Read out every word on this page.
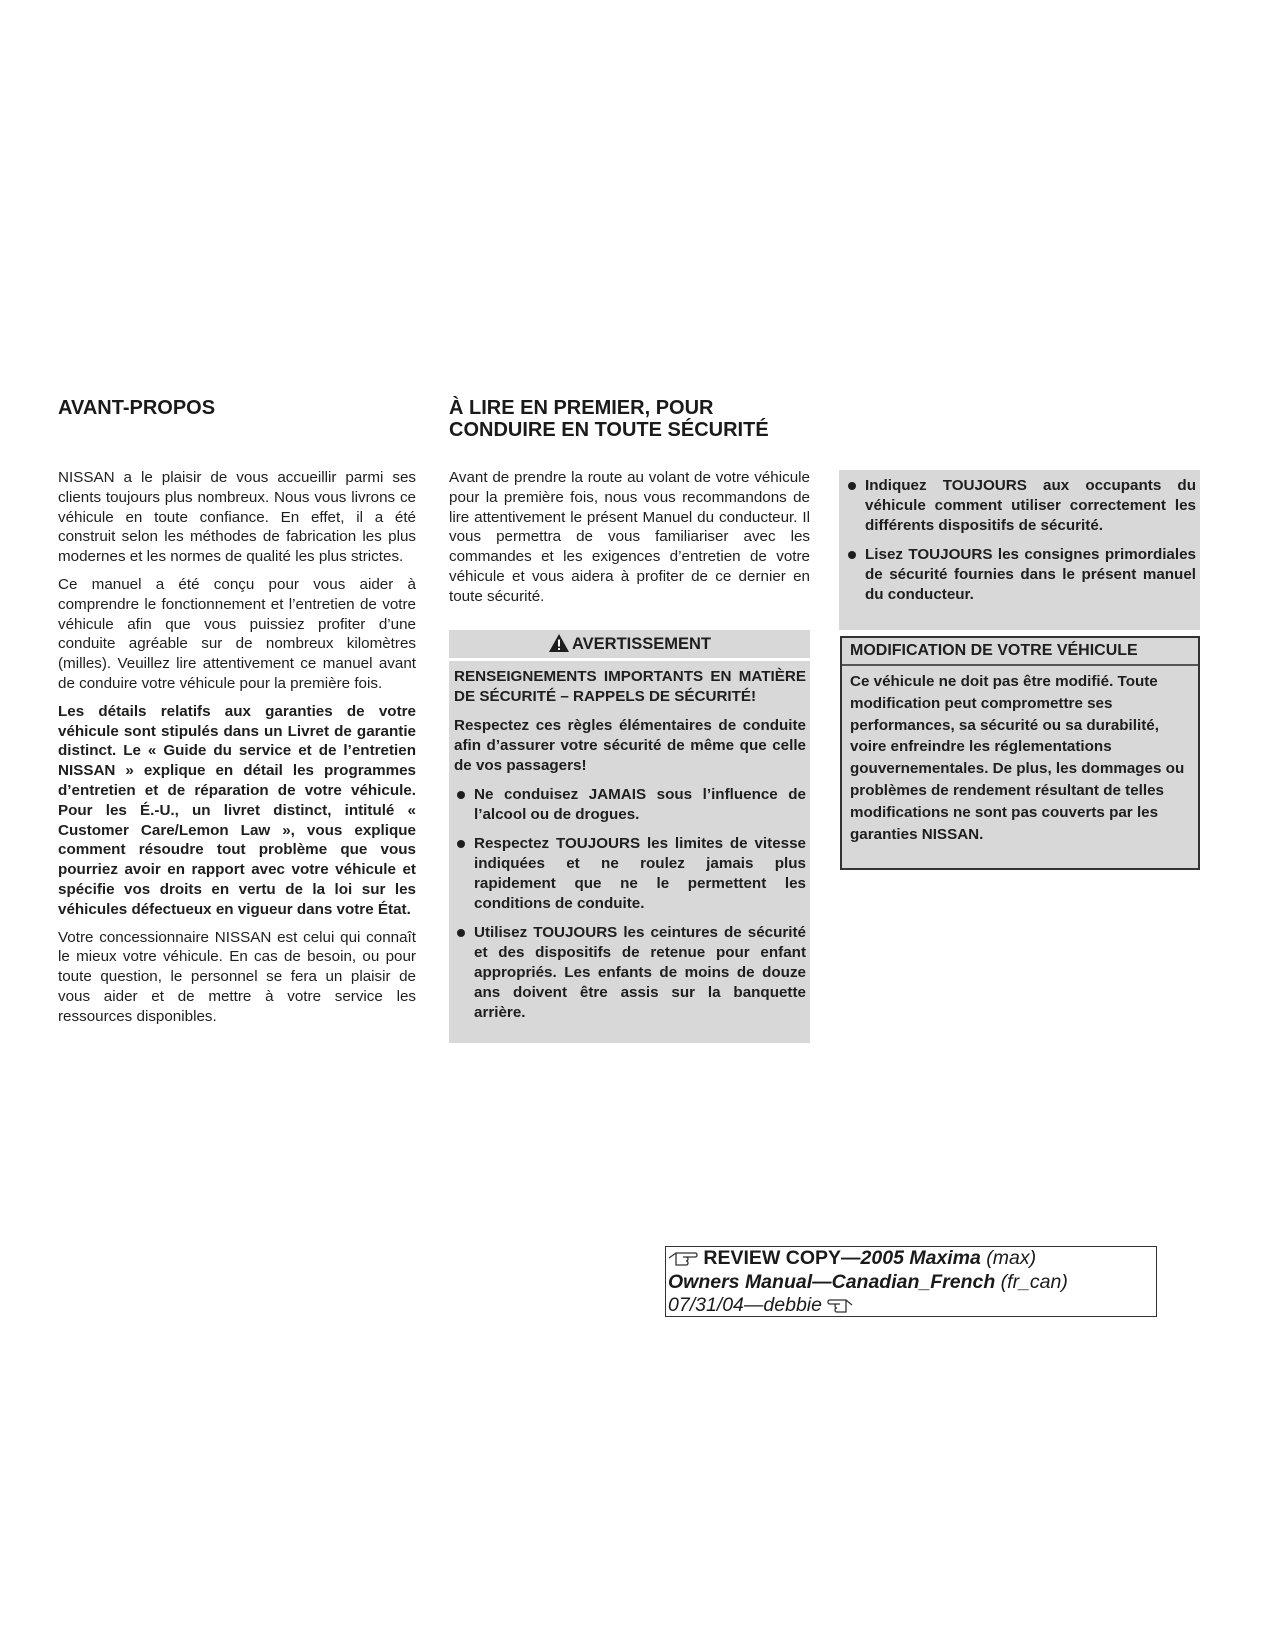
AVANT-PROPOS

NISSAN a le plaisir de vous accueillir parmi ses clients toujours plus nombreux. Nous vous livrons ce véhicule en toute confiance. En effet, il a été construit selon les méthodes de fabrication les plus modernes et les normes de qualité les plus strictes.

Ce manuel a été conçu pour vous aider à comprendre le fonctionnement et l’entretien de votre véhicule afin que vous puissiez profiter d’une conduite agréable sur de nombreux kilomètres (milles). Veuillez lire attentivement ce manuel avant de conduire votre véhicule pour la première fois.

Les détails relatifs aux garanties de votre véhicule sont stipulés dans un Livret de garantie distinct. Le « Guide du service et de l’entretien NISSAN » explique en détail les programmes d’entretien et de réparation de votre véhicule. Pour les É.-U., un livret distinct, intitulé « Customer Care/Lemon Law », vous explique comment résoudre tout problème que vous pourriez avoir en rapport avec votre véhicule et spécifie vos droits en vertu de la loi sur les véhicules défectueux en vigueur dans votre État.

Votre concessionnaire NISSAN est celui qui connaît le mieux votre véhicule. En cas de besoin, ou pour toute question, le personnel se fera un plaisir de vous aider et de mettre à votre service les ressources disponibles.

À LIRE EN PREMIER, POUR
CONDUIRE EN TOUTE SÉCURITÉ

Avant de prendre la route au volant de votre véhicule pour la première fois, nous vous recommandons de lire attentivement le présent Manuel du conducteur. Il vous permettra de vous familiariser avec les commandes et les exigences d’entretien de votre véhicule et vous aidera à profiter de ce dernier en toute sécurité.

AVERTISSEMENT

RENSEIGNEMENTS IMPORTANTS EN MATIÈRE DE SÉCURITÉ – RAPPELS DE SÉCURITÉ!

Respectez ces règles élémentaires de conduite afin d’assurer votre sécurité de même que celle de vos passagers!

Ne conduisez JAMAIS sous l’influence de l’alcool ou de drogues.
Respectez TOUJOURS les limites de vitesse indiquées et ne roulez jamais plus rapidement que ne le permettent les conditions de conduite.
Utilisez TOUJOURS les ceintures de sécurité et des dispositifs de retenue pour enfant appropriés. Les enfants de moins de douze ans doivent être assis sur la banquette arrière.
Indiquez TOUJOURS aux occupants du véhicule comment utiliser correctement les différents dispositifs de sécurité.
Lisez TOUJOURS les consignes primordiales de sécurité fournies dans le présent manuel du conducteur.
MODIFICATION DE VOTRE VÉHICULE
Ce véhicule ne doit pas être modifié. Toute modification peut compromettre ses performances, sa sécurité ou sa durabilité, voire enfreindre les réglementations gouvernementales. De plus, les dommages ou problèmes de rendement résultant de telles modifications ne sont pas couverts par les garanties NISSAN.
REVIEW COPY—2005 Maxima (max)
Owners Manual—Canadian_French (fr_can)
07/31/04—debbie
